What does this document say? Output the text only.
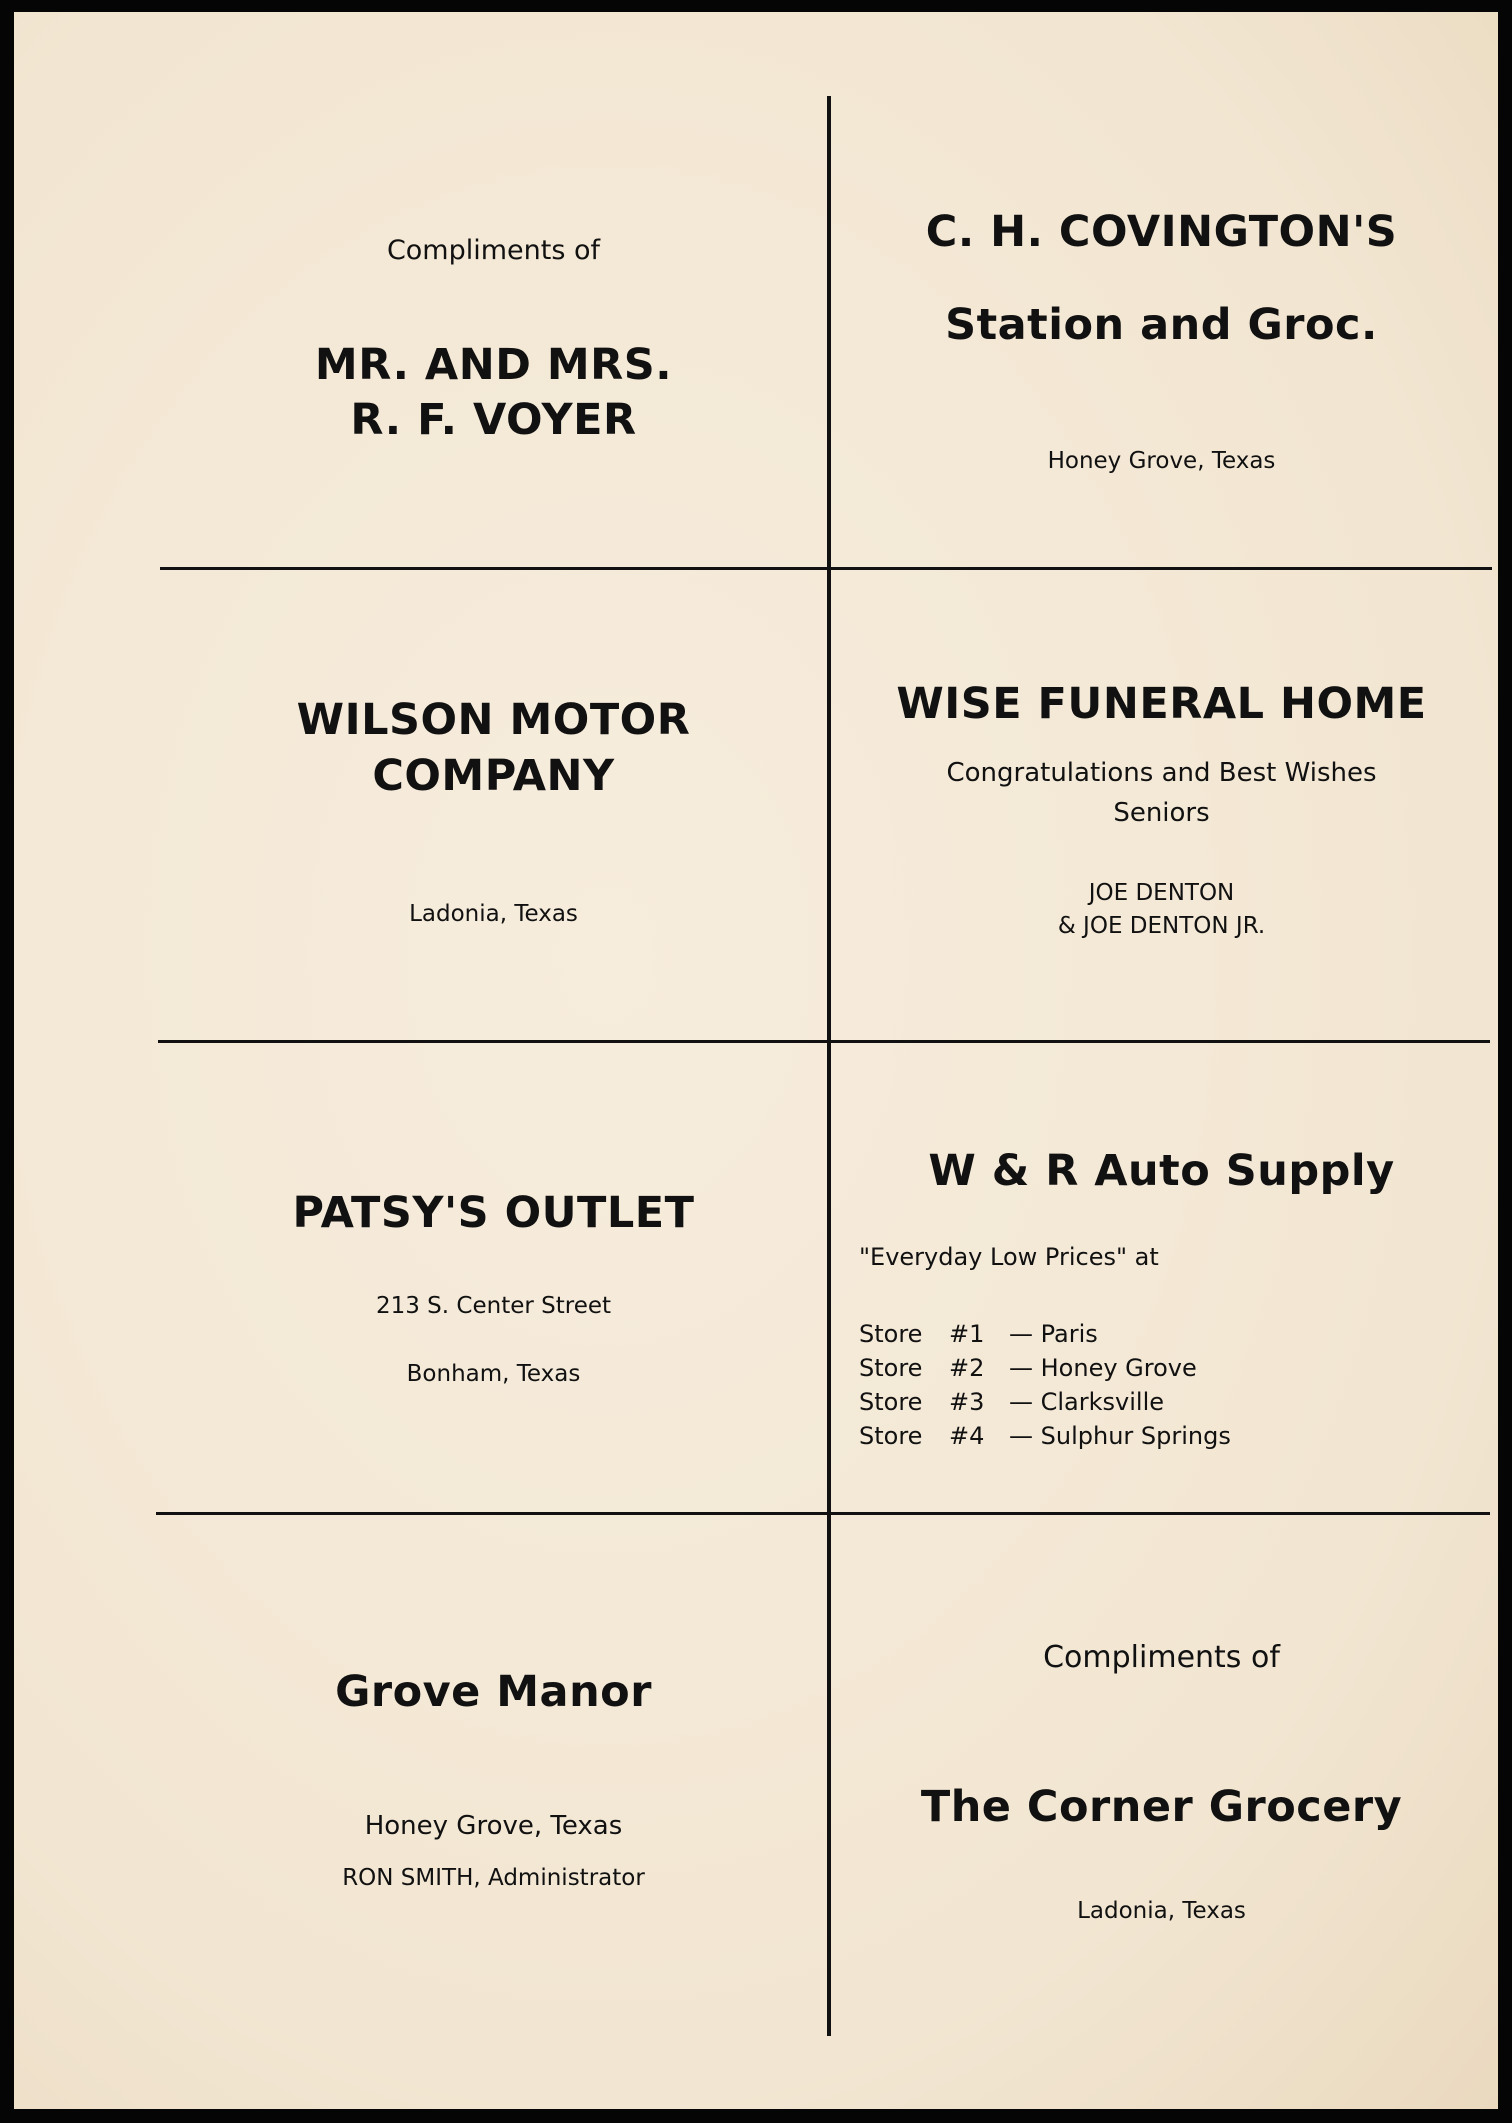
Compliments of
MR. AND MRS.
R. F. VOYER
C. H. COVINGTON'S
Station and Groc.
Honey Grove, Texas
WILSON MOTOR
COMPANY
Ladonia, Texas
WISE FUNERAL HOME
Congratulations and Best Wishes
Seniors
JOE DENTON
& JOE DENTON JR.
PATSY'S OUTLET
213 S. Center Street
Bonham, Texas
W & R Auto Supply
"Everyday Low Prices" at
Store #1 — Paris
Store #2 — Honey Grove
Store #3 — Clarksville
Store #4 — Sulphur Springs
Grove Manor
Honey Grove, Texas
RON SMITH, Administrator
Compliments of
The Corner Grocery
Ladonia, Texas
